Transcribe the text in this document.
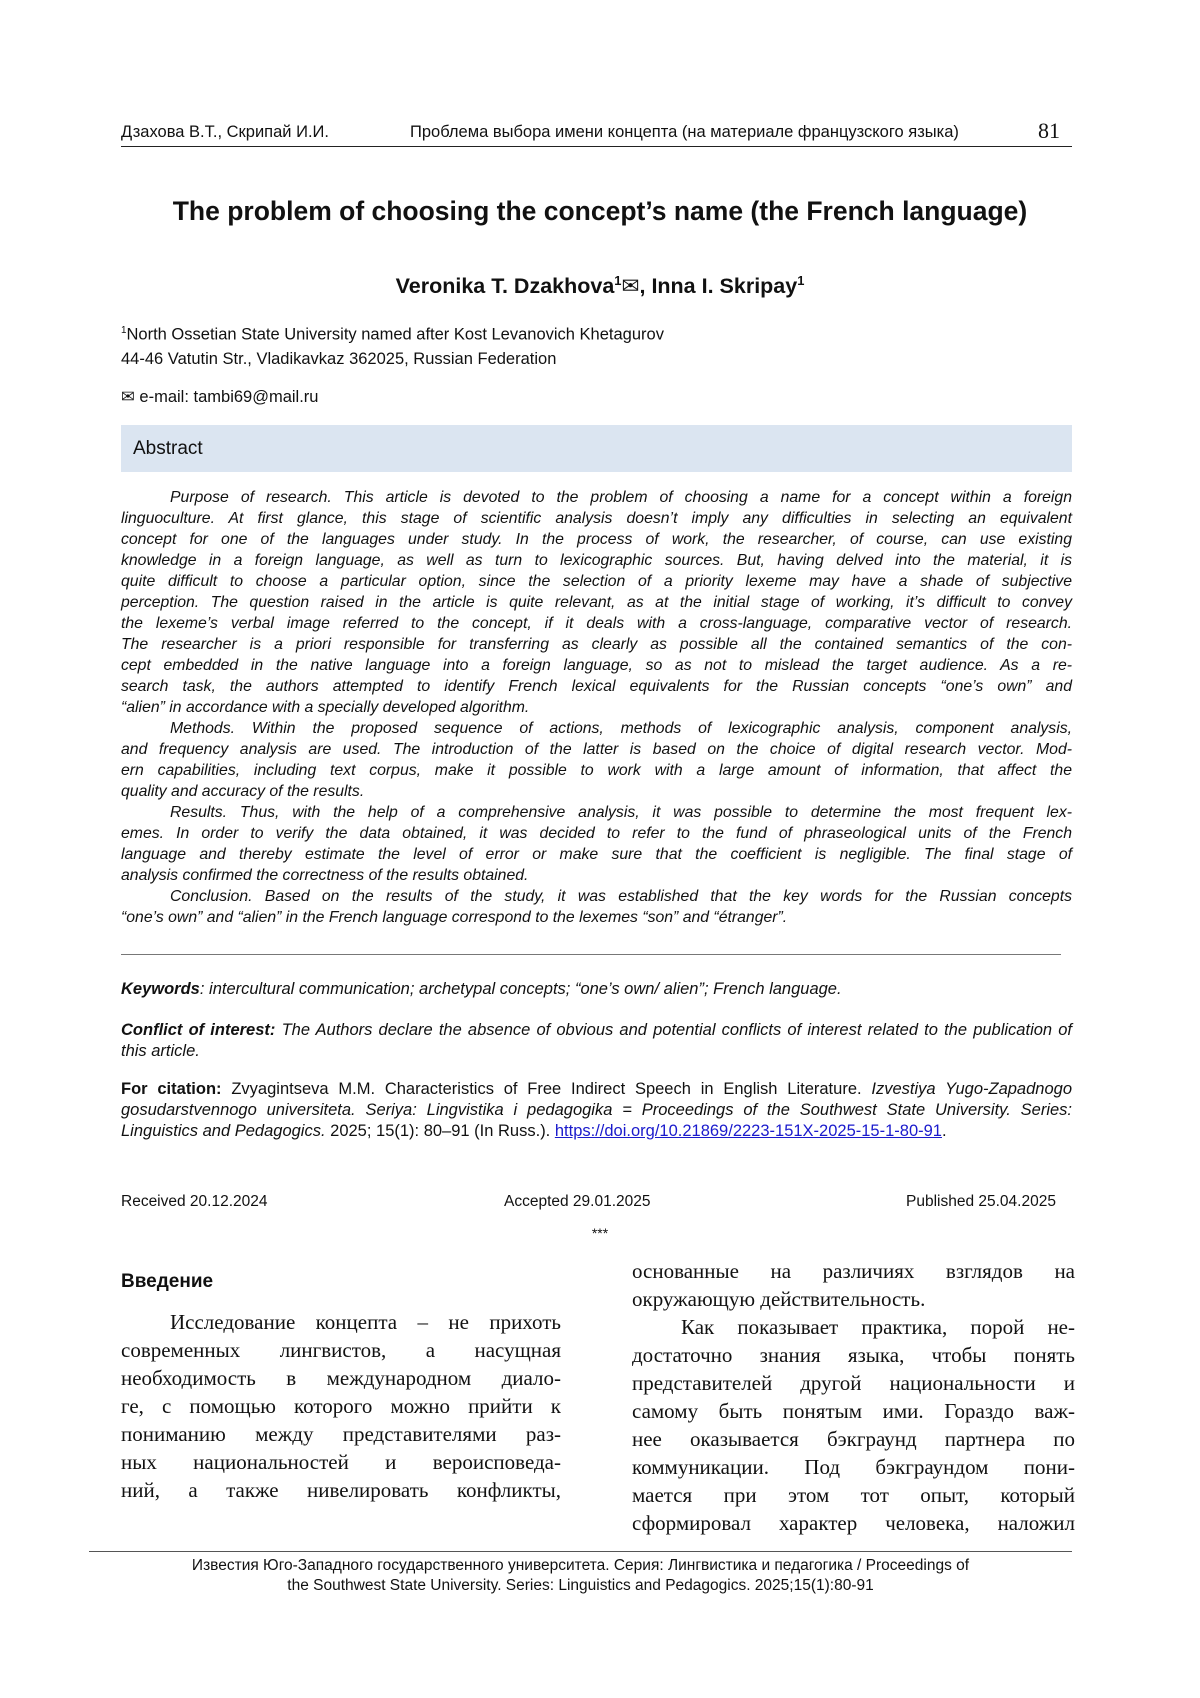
Дзахова В.Т., Скрипай И.И.	Проблема выбора имени концепта (на материале французского языка)	81
The problem of choosing the concept’s name (the French language)
Veronika T. Dzakhova$^1$✉, Inna I. Skripay$^1$
$^1$North Ossetian State University named after Kost Levanovich Khetagurov
44-46 Vatutin Str., Vladikavkaz 362025, Russian Federation
✉ e-mail: tambi69@mail.ru
Abstract
Purpose of research. This article is devoted to the problem of choosing a name for a concept within a foreign
linguoculture. At first glance, this stage of scientific analysis doesn’t imply any difficulties in selecting an equivalent
concept for one of the languages under study. In the process of work, the researcher, of course, can use existing
knowledge in a foreign language, as well as turn to lexicographic sources. But, having delved into the material, it is
quite difficult to choose a particular option, since the selection of a priority lexeme may have a shade of subjective
perception. The question raised in the article is quite relevant, as at the initial stage of working, it’s difficult to convey
the lexeme’s verbal image referred to the concept, if it deals with a cross-language, comparative vector of research.
The researcher is a priori responsible for transferring as clearly as possible all the contained semantics of the con-
cept embedded in the native language into a foreign language, so as not to mislead the target audience. As a re-
search task, the authors attempted to identify French lexical equivalents for the Russian concepts “one’s own” and
“alien” in accordance with a specially developed algorithm.
Methods. Within the proposed sequence of actions, methods of lexicographic analysis, component analysis,
and frequency analysis are used. The introduction of the latter is based on the choice of digital research vector. Mod-
ern capabilities, including text corpus, make it possible to work with a large amount of information, that affect the
quality and accuracy of the results.
Results. Thus, with the help of a comprehensive analysis, it was possible to determine the most frequent lex-
emes. In order to verify the data obtained, it was decided to refer to the fund of phraseological units of the French
language and thereby estimate the level of error or make sure that the coefficient is negligible. The final stage of
analysis confirmed the correctness of the results obtained.
Conclusion. Based on the results of the study, it was established that the key words for the Russian concepts
“one’s own” and “alien” in the French language correspond to the lexemes “son” and “étranger”.
Keywords: intercultural communication; archetypal concepts; “one’s own/ alien”; French language.
Conflict of interest: The Authors declare the absence of obvious and potential conflicts of interest related to the publication of this article.
For citation: Zvyagintseva M.M. Characteristics of Free Indirect Speech in English Literature. Izvestiya Yugo-Zapadnogo gosudarstvennogo universiteta. Seriya: Lingvistika i pedagogika = Proceedings of the Southwest State University. Series: Linguistics and Pedagogics. 2025; 15(1): 80–91 (In Russ.). https://doi.org/10.21869/2223-151X-2025-15-1-80-91.
Received 20.12.2024	Accepted 29.01.2025	Published 25.04.2025
***
Введение
Исследование концепта – не прихоть
современных лингвистов, а насущная
необходимость в международном диало-
ге, с помощью которого можно прийти к
пониманию между представителями раз-
ных национальностей и вероисповеда-
ний, а также нивелировать конфликты,
основанные на различиях взглядов на
окружающую действительность.
Как показывает практика, порой не-
достаточно знания языка, чтобы понять
представителей другой национальности и
самому быть понятым ими. Гораздо важ-
нее оказывается бэкграунд партнера по
коммуникации. Под бэкграундом пони-
мается при этом тот опыт, который
сформировал характер человека, наложил
Известия Юго-Западного государственного университета. Серия: Лингвистика и педагогика / Proceedings of
the Southwest State University. Series: Linguistics and Pedagogics. 2025;15(1):80-91
